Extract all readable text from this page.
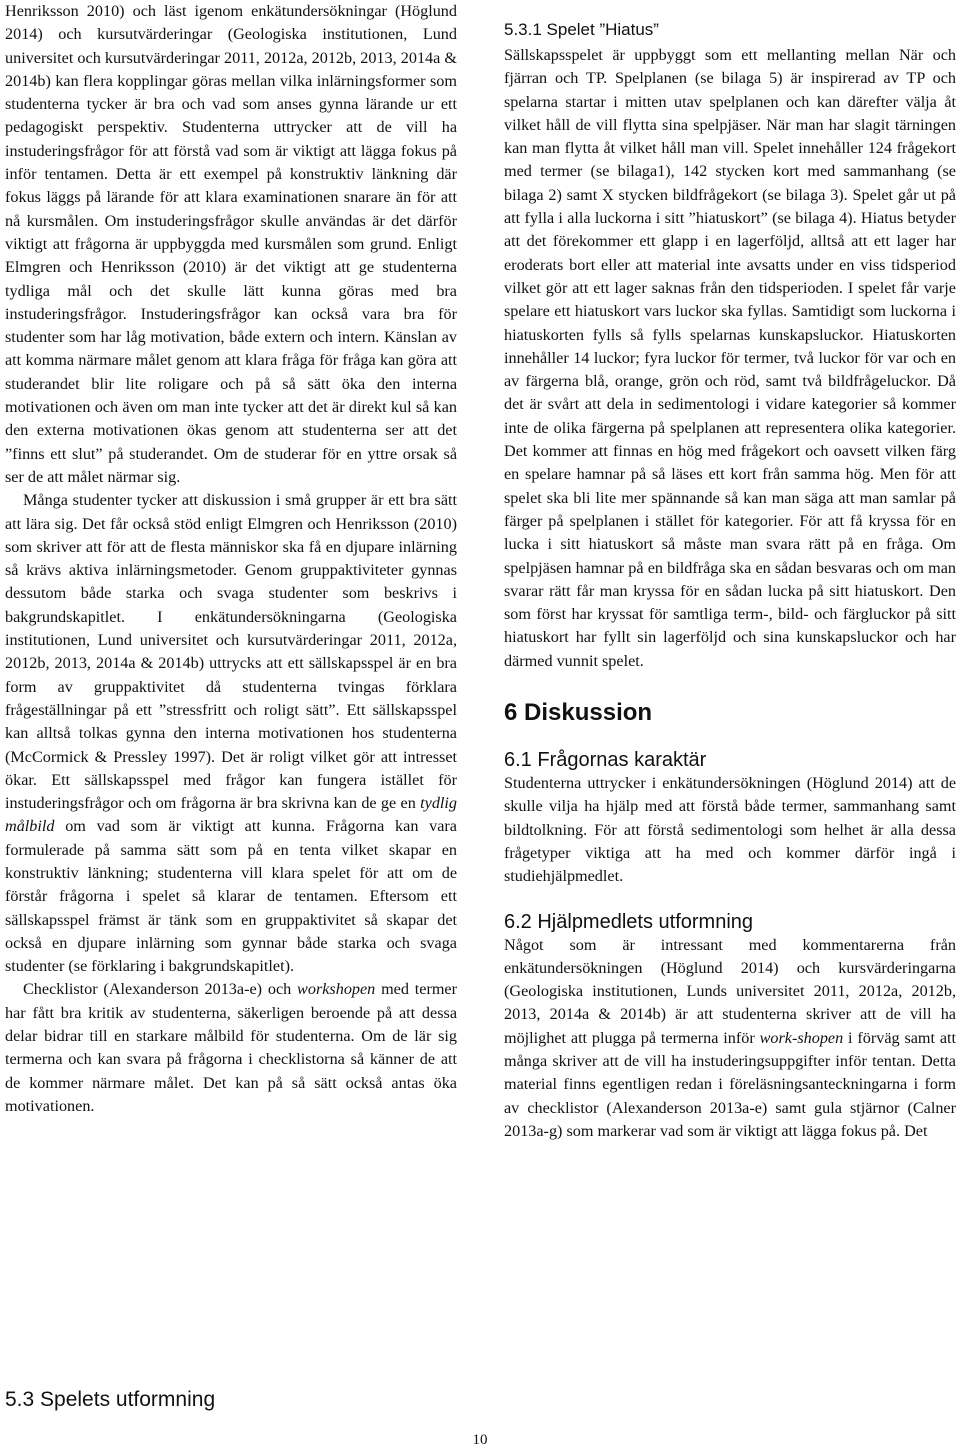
Henriksson 2010) och läst igenom enkätundersökningar (Höglund 2014) och kursutvärderingar (Geologiska institutionen, Lund universitet och kursutvärderingar 2011, 2012a, 2012b, 2013, 2014a & 2014b) kan flera kopplingar göras mellan vilka inlärningsformer som studenterna tycker är bra och vad som anses gynna lärande ur ett pedagogiskt perspektiv. Studenterna uttrycker att de vill ha instuderingsfrågor för att förstå vad som är viktigt att lägga fokus på inför tentamen. Detta är ett exempel på konstruktiv länkning där fokus läggs på lärande för att klara examinationen snarare än för att nå kursmålen. Om instuderingsfrågor skulle användas är det därför viktigt att frågorna är uppbyggda med kursmålen som grund. Enligt Elmgren och Henriksson (2010) är det viktigt att ge studenterna tydliga mål och det skulle lätt kunna göras med bra instuderingsfrågor. Instuderingsfrågor kan också vara bra för studenter som har låg motivation, både extern och intern. Känslan av att komma närmare målet genom att klara fråga för fråga kan göra att studerandet blir lite roligare och på så sätt öka den interna motivationen och även om man inte tycker att det är direkt kul så kan den externa motivationen ökas genom att studenterna ser att det ”finns ett slut” på studerandet. Om de studerar för en yttre orsak så ser de att målet närmar sig.

Många studenter tycker att diskussion i små grupper är ett bra sätt att lära sig. Det får också stöd enligt Elmgren och Henriksson (2010) som skriver att för att de flesta människor ska få en djupare inlärning så krävs aktiva inlärningsmetoder. Genom gruppaktiviteter gynnas dessutom både starka och svaga studenter som beskrivs i bakgrundskapitlet. I enkätundersökningarna (Geologiska institutionen, Lund universitet och kursutvärderingar 2011, 2012a, 2012b, 2013, 2014a & 2014b) uttrycks att ett sällskapsspel är en bra form av gruppaktivitet då studenterna tvingas förklara frågeställningar på ett ”stressfritt och roligt sätt”. Ett sällskapsspel kan alltså tolkas gynna den interna motivationen hos studenterna (McCormick & Pressley 1997). Det är roligt vilket gör att intresset ökar. Ett sällskapsspel med frågor kan fungera istället för instuderingsfrågor och om frågorna är bra skrivna kan de ge en tydlig målbild om vad som är viktigt att kunna. Frågorna kan vara formulerade på samma sätt som på en tenta vilket skapar en konstruktiv länkning; studenterna vill klara spelet för att om de förstår frågorna i spelet så klarar de tentamen. Eftersom ett sällskapsspel främst är tänk som en gruppaktivitet så skapar det också en djupare inlärning som gynnar både starka och svaga studenter (se förklaring i bakgrundskapitlet).

Checklistor (Alexanderson 2013a-e) och workshopen med termer har fått bra kritik av studenterna, säkerligen beroende på att dessa delar bidrar till en starkare målbild för studenterna. Om de lär sig termerna och kan svara på frågorna i checklistorna så känner de att de kommer närmare målet. Det kan på så sätt också antas öka motivationen.

5.3 Spelets utformning
5.3.1 Spelet ”Hiatus”

Sällskapsspelet är uppbyggt som ett mellanting mellan När och fjärran och TP. Spelplanen (se bilaga 5) är inspirerad av TP och spelarna startar i mitten utav spelplanen och kan därefter välja åt vilket håll de vill flytta sina spelpjäser. När man har slagit tärningen kan man flytta åt vilket håll man vill. Spelet innehåller 124 frågekort med termer (se bilaga1), 142 stycken kort med sammanhang (se bilaga 2) samt X stycken bildfrågekort (se bilaga 3). Spelet går ut på att fylla i alla luckorna i sitt ”hiatuskort” (se bilaga 4). Hiatus betyder att det förekommer ett glapp i en lagerföljd, alltså att ett lager har eroderats bort eller att material inte avsatts under en viss tidsperiod vilket gör att ett lager saknas från den tidsperioden. I spelet får varje spelare ett hiatuskort vars luckor ska fyllas. Samtidigt som luckorna i hiatuskorten fylls så fylls spelarnas kunskapsluckor. Hiatuskorten innehåller 14 luckor; fyra luckor för termer, två luckor för var och en av färgerna blå, orange, grön och röd, samt två bildfrågeluckor. Då det är svårt att dela in sedimentologi i vidare kategorier så kommer inte de olika färgerna på spelplanen att representera olika kategorier. Det kommer att finnas en hög med frågekort och oavsett vilken färg en spelare hamnar på så läses ett kort från samma hög. Men för att spelet ska bli lite mer spännande så kan man säga att man samlar på färger på spelplanen i stället för kategorier. För att få kryssa för en lucka i sitt hiatuskort så måste man svara rätt på en fråga. Om spelpjäsen hamnar på en bildfråga ska en sådan besvaras och om man svarar rätt får man kryssa för en sådan lucka på sitt hiatuskort. Den som först har kryssat för samtliga term-, bild- och färgluckor på sitt hiatuskort har fyllt sin lagerföljd och sina kunskapsluckor och har därmed vunnit spelet.

6 Diskussion
6.1 Frågornas karaktär

Studenterna uttrycker i enkätundersökningen (Höglund 2014) att de skulle vilja ha hjälp med att förstå både termer, sammanhang samt bildtolkning. För att förstå sedimentologi som helhet är alla dessa frågetyper viktiga att ha med och kommer därför ingå i studiehjälpmedlet.

6.2 Hjälpmedlets utformning

Något som är intressant med kommentarerna från enkätundersökningen (Höglund 2014) och kursvärderingarna (Geologiska institutionen, Lunds universitet 2011, 2012a, 2012b, 2013, 2014a & 2014b) är att studenterna skriver att de vill ha möjlighet att plugga på termerna inför work-shopen i förväg samt att många skriver att de vill ha instuderingsuppgifter inför tentan. Detta material finns egentligen redan i föreläsningsanteckningarna i form av checklistor (Alexanderson 2013a-e) samt gula stjärnor (Calner 2013a-g) som markerar vad som är viktigt att lägga fokus på. Det

10
